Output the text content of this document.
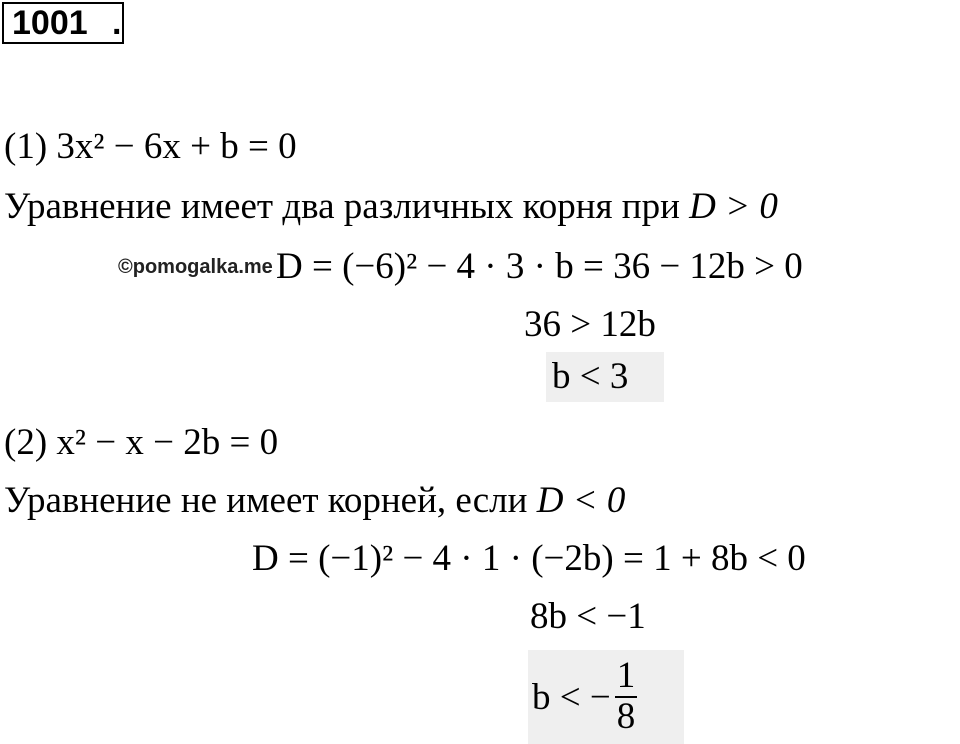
1001 .
(1) 3x² − 6x + b = 0
Уравнение имеет два различных корня при D > 0
©pomogalka.me D = (−6)² − 4 · 3 · b = 36 − 12b > 0
36 > 12b
b < 3
(2) x² − x − 2b = 0
Уравнение не имеет корней, если D < 0
D = (−1)² − 4 · 1 · (−2b) = 1 + 8b < 0
8b < −1
b < − $\frac{1}{8}$
